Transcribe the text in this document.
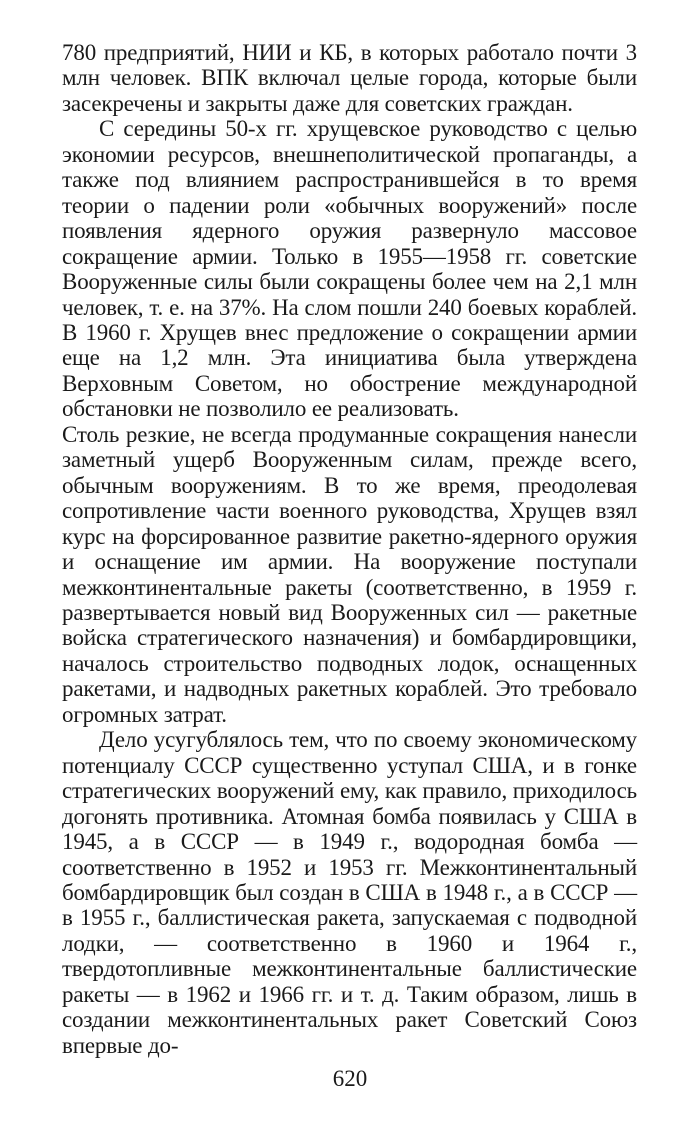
780 предприятий, НИИ и КБ, в которых работало почти 3 млн человек. ВПК включал целые города, которые были засекречены и закрыты даже для советских граждан.

С середины 50-х гг. хрущевское руководство с целью экономии ресурсов, внешнеполитической пропаганды, а также под влиянием распространившейся в то время теории о падении роли «обычных вооружений» после появления ядерного оружия развернуло массовое сокращение армии. Только в 1955—1958 гг. советские Вооруженные силы были сокращены более чем на 2,1 млн человек, т. е. на 37%. На слом пошли 240 боевых кораблей. В 1960 г. Хрущев внес предложение о сокращении армии еще на 1,2 млн. Эта инициатива была утверждена Верховным Советом, но обострение международной обстановки не позволило ее реализовать.

Столь резкие, не всегда продуманные сокращения нанесли заметный ущерб Вооруженным силам, прежде всего, обычным вооружениям. В то же время, преодолевая сопротивление части военного руководства, Хрущев взял курс на форсированное развитие ракетно-ядерного оружия и оснащение им армии. На вооружение поступали межконтинентальные ракеты (соответственно, в 1959 г. развертывается новый вид Вооруженных сил — ракетные войска стратегического назначения) и бомбардировщики, началось строительство подводных лодок, оснащенных ракетами, и надводных ракетных кораблей. Это требовало огромных затрат.

Дело усугублялось тем, что по своему экономическому потенциалу СССР существенно уступал США, и в гонке стратегических вооружений ему, как правило, приходилось догонять противника. Атомная бомба появилась у США в 1945, а в СССР — в 1949 г., водородная бомба — соответственно в 1952 и 1953 гг. Межконтинентальный бомбардировщик был создан в США в 1948 г., а в СССР — в 1955 г., баллистическая ракета, запускаемая с подводной лодки, — соответственно в 1960 и 1964 г., твердотопливные межконтинентальные баллистические ракеты — в 1962 и 1966 гг. и т. д. Таким образом, лишь в создании межконтинентальных ракет Советский Союз впервые до-

620
